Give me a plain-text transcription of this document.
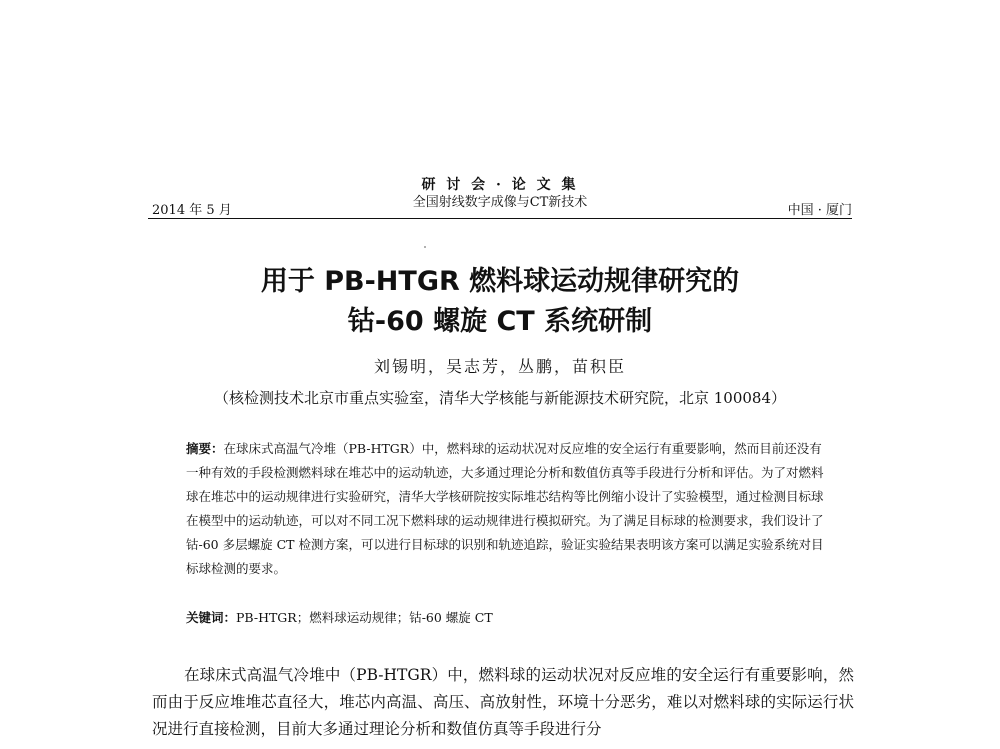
研 讨 会 · 论 文 集
全国射线数字成像与CT新技术
2014 年 5 月	中国 · 厦门
用于 PB-HTGR 燃料球运动规律研究的
钴-60 螺旋 CT 系统研制
刘锡明，吴志芳，丛鹏，苗积臣
（核检测技术北京市重点实验室，清华大学核能与新能源技术研究院，北京 100084）
摘要：在球床式高温气冷堆（PB-HTGR）中，燃料球的运动状况对反应堆的安全运行有重要影响，然而目前还没有一种有效的手段检测燃料球在堆芯中的运动轨迹，大多通过理论分析和数值仿真等手段进行分析和评估。为了对燃料球在堆芯中的运动规律进行实验研究，清华大学核研院按实际堆芯结构等比例缩小设计了实验模型，通过检测目标球在模型中的运动轨迹，可以对不同工况下燃料球的运动规律进行模拟研究。为了满足目标球的检测要求，我们设计了钴-60 多层螺旋 CT 检测方案，可以进行目标球的识别和轨迹追踪，验证实验结果表明该方案可以满足实验系统对目标球检测的要求。
关键词：PB-HTGR；燃料球运动规律；钴-60 螺旋 CT
在球床式高温气冷堆中（PB-HTGR）中，燃料球的运动状况对反应堆的安全运行有重要影响，然而由于反应堆堆芯直径大，堆芯内高温、高压、高放射性，环境十分恶劣，难以对燃料球的实际运行状况进行直接检测，目前大多通过理论分析和数值仿真等手段进行分
